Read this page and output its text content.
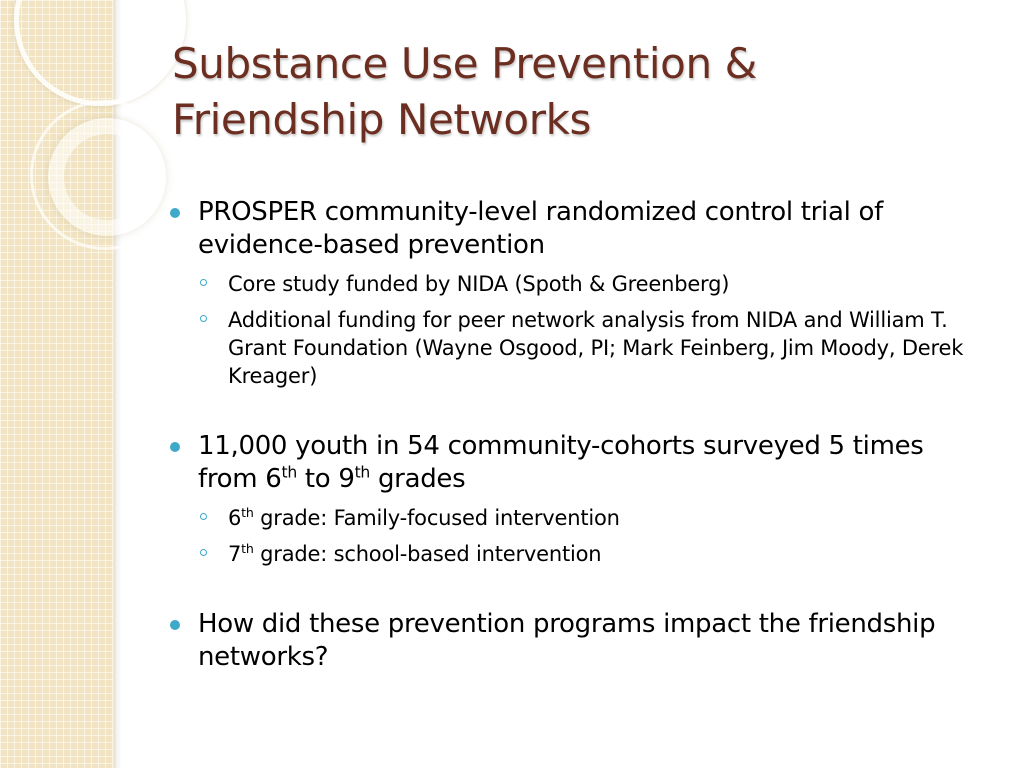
Substance Use Prevention &
Friendship Networks
PROSPER community-level randomized control trial of evidence-based prevention
Core study funded by NIDA (Spoth & Greenberg)
Additional funding for peer network analysis from NIDA and William T. Grant Foundation (Wayne Osgood, PI; Mark Feinberg, Jim Moody, Derek Kreager)
11,000 youth in 54 community-cohorts surveyed 5 times from 6th to 9th grades
6th grade: Family-focused intervention
7th grade: school-based intervention
How did these prevention programs impact the friendship networks?
